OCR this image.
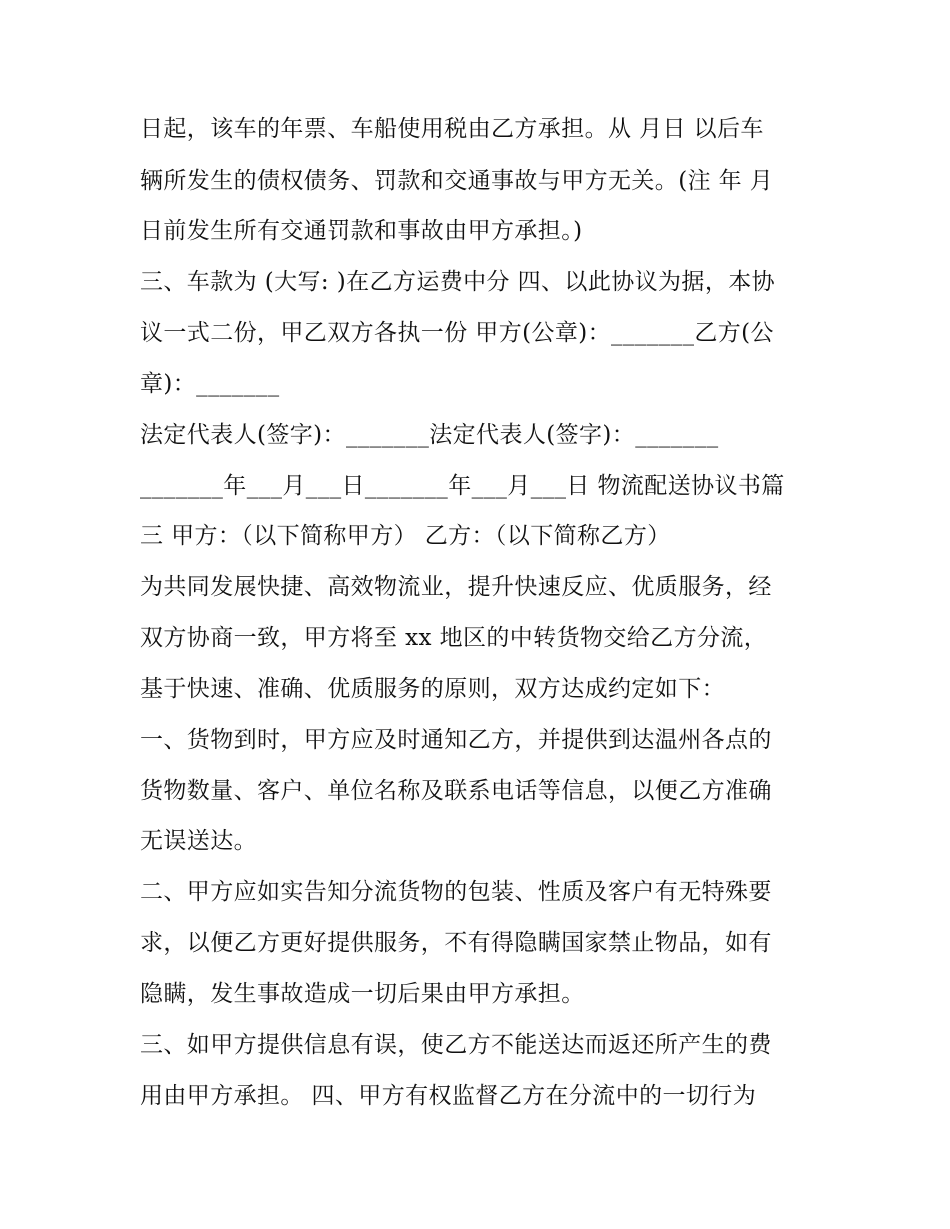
日起，该车的年票、车船使用税由乙方承担。从 月日 以后车
辆所发生的债权债务、罚款和交通事故与甲方无关。(注 年 月
日前发生所有交通罚款和事故由甲方承担。)
三、车款为 (大写: )在乙方运费中分 四、以此协议为据，本协
议一式二份，甲乙双方各执一份 甲方(公章)：_______乙方(公
章)：_______
法定代表人(签字)：_______法定代表人(签字)：_______
_______年___月___日_______年___月___日 物流配送协议书篇
三 甲方：（以下简称甲方） 乙方：（以下简称乙方）
为共同发展快捷、高效物流业，提升快速反应、优质服务，经
双方协商一致，甲方将至 xx 地区的中转货物交给乙方分流，
基于快速、准确、优质服务的原则，双方达成约定如下：
一、货物到时，甲方应及时通知乙方，并提供到达温州各点的
货物数量、客户、单位名称及联系电话等信息，以便乙方准确
无误送达。
二、甲方应如实告知分流货物的包装、性质及客户有无特殊要
求，以便乙方更好提供服务，不有得隐瞒国家禁止物品，如有
隐瞒，发生事故造成一切后果由甲方承担。
三、如甲方提供信息有误，使乙方不能送达而返还所产生的费
用由甲方承担。 四、甲方有权监督乙方在分流中的一切行为
